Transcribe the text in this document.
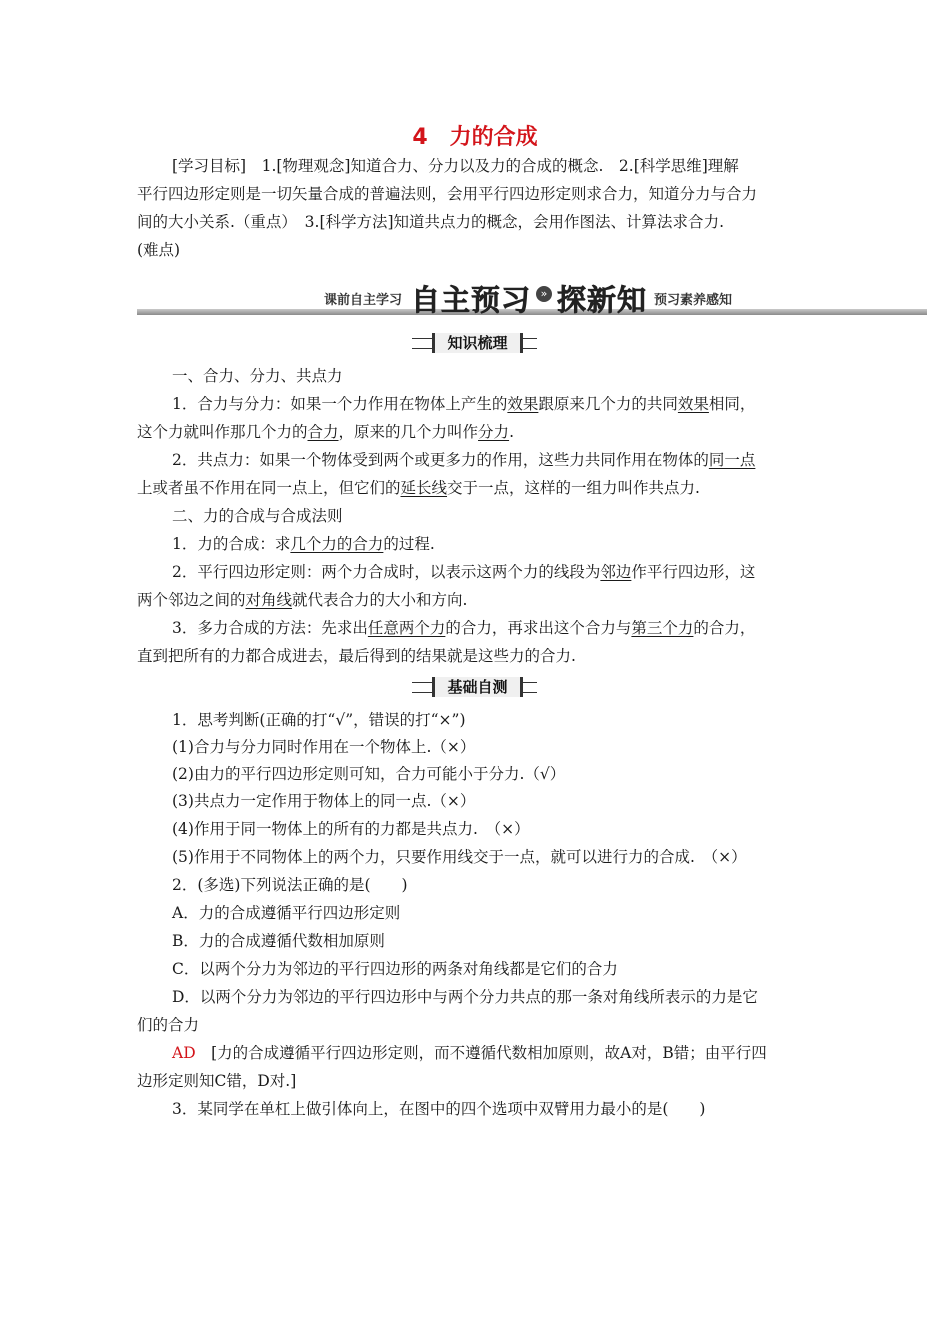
4 力的合成
[学习目标]　1.[物理观念]知道合力、分力以及力的合成的概念.　2.[科学思维]理解
平行四边形定则是一切矢量合成的普遍法则，会用平行四边形定则求合力，知道分力与合力
间的大小关系.（重点）　3.[科学方法]知道共点力的概念，会用作图法、计算法求合力.
(难点)
课前自主学习 自主预习 » 探新知 预习素养感知
知识梳理
一、合力、分力、共点力
1．合力与分力：如果一个力作用在物体上产生的效果跟原来几个力的共同效果相同，
这个力就叫作那几个力的合力，原来的几个力叫作分力.
2．共点力：如果一个物体受到两个或更多力的作用，这些力共同作用在物体的同一点
上或者虽不作用在同一点上，但它们的延长线交于一点，这样的一组力叫作共点力.
二、力的合成与合成法则
1．力的合成：求几个力的合力的过程.
2．平行四边形定则：两个力合成时，以表示这两个力的线段为邻边作平行四边形，这
两个邻边之间的对角线就代表合力的大小和方向.
3．多力合成的方法：先求出任意两个力的合力，再求出这个合力与第三个力的合力，
直到把所有的力都合成进去，最后得到的结果就是这些力的合力.
基础自测
1．思考判断(正确的打“√”，错误的打“×”)
(1)合力与分力同时作用在一个物体上.（×）
(2)由力的平行四边形定则可知，合力可能小于分力.（√）
(3)共点力一定作用于物体上的同一点.（×）
(4)作用于同一物体上的所有的力都是共点力.　（×）
(5)作用于不同物体上的两个力，只要作用线交于一点，就可以进行力的合成.　（×）
2．(多选)下列说法正确的是(　　)
A．力的合成遵循平行四边形定则
B．力的合成遵循代数相加原则
C．以两个分力为邻边的平行四边形的两条对角线都是它们的合力
D．以两个分力为邻边的平行四边形中与两个分力共点的那一条对角线所表示的力是它
们的合力
AD　[力的合成遵循平行四边形定则，而不遵循代数相加原则，故A对，B错；由平行四
边形定则知C错，D对.]
3．某同学在单杠上做引体向上，在图中的四个选项中双臂用力最小的是(　　)
